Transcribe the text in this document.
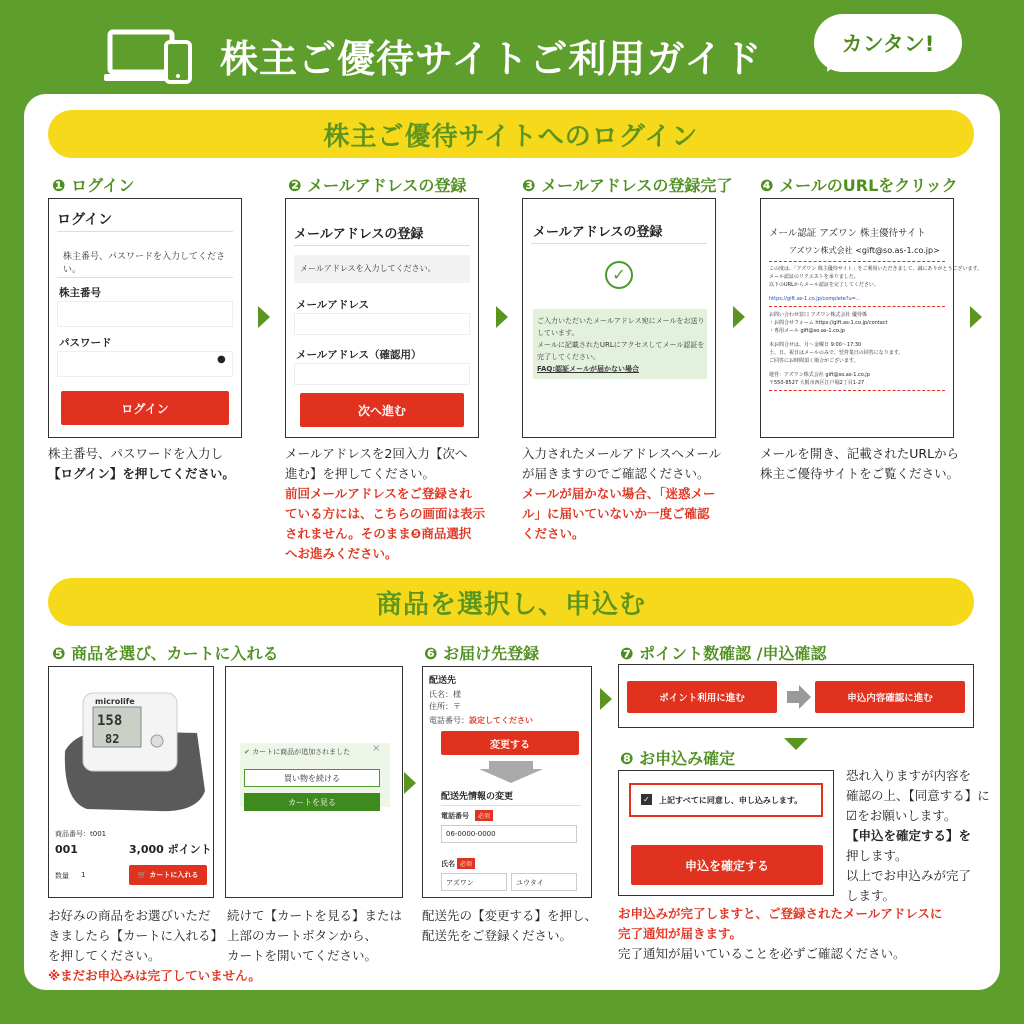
株主ご優待サイトご利用ガイド	カンタン!
株主ご優待サイトへのログイン
❶ ログイン
ログイン
株主番号、パスワードを入力してください。
株主番号
パスワード
●
ログイン
株主番号、パスワードを入力し
【ログイン】を押してください。
❷ メールアドレスの登録
メールアドレスの登録
メールアドレスを入力してください。
メールアドレス
メールアドレス（確認用）
次へ進む
メールアドレスを2回入力【次へ
進む】を押してください。
前回メールアドレスをご登録され
ている方には、こちらの画面は表示
されません。そのまま❺商品選択
へお進みください。
❸ メールアドレスの登録完了
メールアドレスの登録
✓
ご入力いただいたメールアドレス宛にメールをお送り
しています。
メールに記載されたURLにアクセスしてメール認証を
完了してください。
FAQ:認証メールが届かない場合
入力されたメールアドレスへメール
が届きますのでご確認ください。
メールが届かない場合、「迷惑メー
ル」に届いていないか一度ご確認
ください。
❹ メールのURLをクリック
メール認証 アズワン 株主優待サイト
アズワン株式会社 <gift@so.as-1.co.jp>
この度は、「アズワン 株主優待サイト」をご利用いただきまして、誠にありがとうございます。
メール認証のリクエストを承りました。
以下のURLからメール認証を完了してください。
https://gift.as-1.co.jp/complete?u=...
お問い合わせ窓口 アズワン株式会社 優待係
・お問合せフォーム https://gift.as-1.co.jp/contact
・専用メール gift@so.as-1.co.jp
本お問合せは、月〜金曜日 9:00〜17:30
土、日、祝日はメールのみで、翌営業日の回答になります。
ご回答にお時間頂く場合がございます。
運営：アズワン株式会社 gift@so.as-1.co.jp
〒550-8527 大阪市西区江戸堀2丁目1-27
メールを開き、記載されたURLから
株主ご優待サイトをご覧ください。
商品を選択し、申込む
❺ 商品を選び、カートに入れる
158
82
microlife
商品番号：t001
001	3,000 ポイント
数量 1	🛒 カートに入れる
✔ カートに商品が追加されました ×
買い物を続ける
カートを見る
お好みの商品をお選びいただ
きましたら【カートに入れる】
を押してください。
※まだお申込みは完了していません。
続けて【カートを見る】または
上部のカートボタンから、
カートを開いてください。
❻ お届け先登録
配送先
氏名：様
住所：〒
電話番号：設定してください
変更する
配送先情報の変更
電話番号	必須
06-0000-0000
氏名 必須
アズワン	ユウタイ
配送先の【変更する】を押し、
配送先をご登録ください。
❼ ポイント数確認 /申込確認
ポイント利用に進む	申込内容確認に進む
❽ お申込み確定
✓ 上記すべてに同意し、申し込みします。
申込を確定する
恐れ入りますが内容を
確認の上、【同意する】に
☑をお願いします。
【申込を確定する】を
押します。
以上でお申込みが完了
します。
お申込みが完了しますと、ご登録されたメールアドレスに
完了通知が届きます。
完了通知が届いていることを必ずご確認ください。
